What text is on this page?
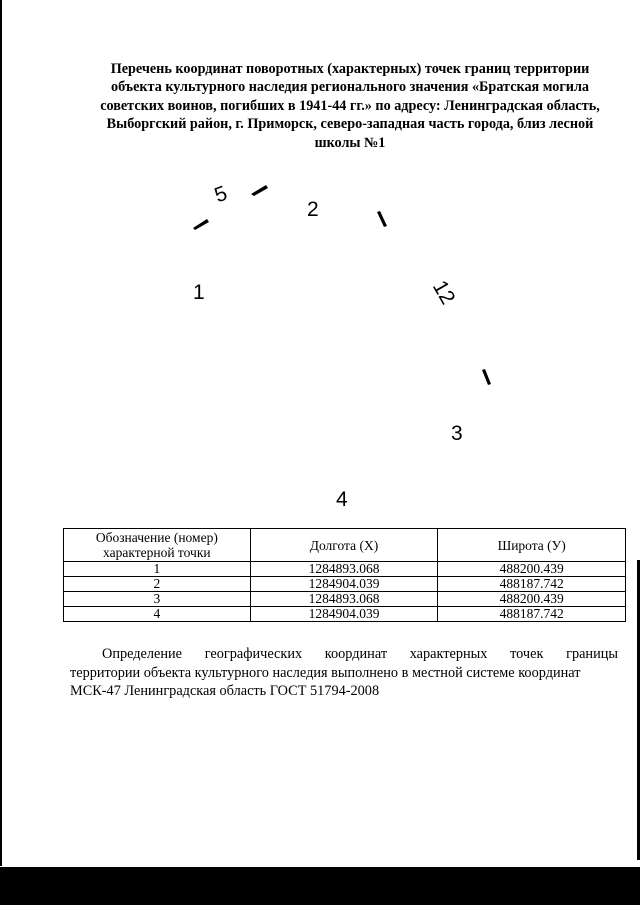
Перечень координат поворотных (характерных) точек границ территории
объекта культурного наследия регионального значения «Братская могила
советских воинов, погибших в 1941-44 гг.» по адресу: Ленинградская область,
Выборгский район, г. Приморск, северо-западная часть города, близ лесной
школы №1
5
2
1	12
3
4
Обозначение (номер) характерной точки	Долгота (X)	Широта (У)
1	1284893.068	488200.439
2	1284904.039	488187.742
3	1284893.068	488200.439
4	1284904.039	488187.742
Определение географических координат характерных точек границы
территории объекта культурного наследия выполнено в местной системе координат
МСК-47 Ленинградская область ГОСТ 51794-2008
